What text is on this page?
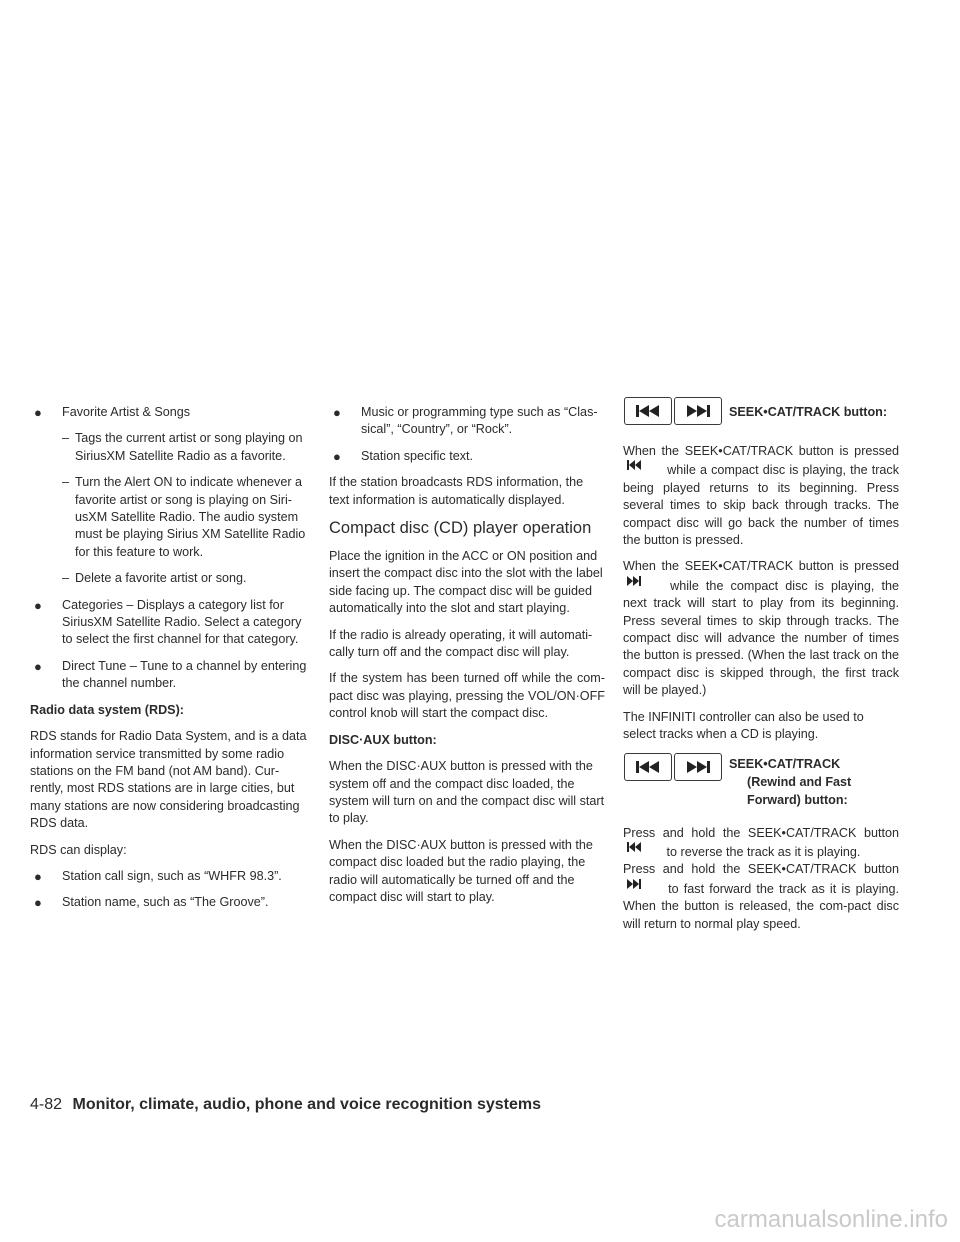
● Favorite Artist & Songs
– Tags the current artist or song playing on SiriusXM Satellite Radio as a favorite.
– Turn the Alert ON to indicate whenever a favorite artist or song is playing on Siri-usXM Satellite Radio. The audio system must be playing Sirius XM Satellite Radio for this feature to work.
– Delete a favorite artist or song.
● Categories – Displays a category list for SiriusXM Satellite Radio. Select a category to select the first channel for that category.
● Direct Tune – Tune to a channel by entering the channel number.
Radio data system (RDS):

RDS stands for Radio Data System, and is a data information service transmitted by some radio stations on the FM band (not AM band). Cur-rently, most RDS stations are in large cities, but many stations are now considering broadcasting RDS data.

RDS can display:

● Station call sign, such as “WHFR 98.3”.
● Station name, such as “The Groove”.
● Music or programming type such as “Clas-sical”, “Country”, or “Rock”.
● Station specific text.

If the station broadcasts RDS information, the text information is automatically displayed.

Compact disc (CD) player operation

Place the ignition in the ACC or ON position and insert the compact disc into the slot with the label side facing up. The compact disc will be guided automatically into the slot and start playing.

If the radio is already operating, it will automati-cally turn off and the compact disc will play.

If the system has been turned off while the com-pact disc was playing, pressing the VOL/ON·OFF control knob will start the compact disc.

DISC·AUX button:

When the DISC·AUX button is pressed with the system off and the compact disc loaded, the system will turn on and the compact disc will start to play.

When the DISC·AUX button is pressed with the compact disc loaded but the radio playing, the radio will automatically be turned off and the compact disc will start to play.

SEEK•CAT/TRACK button:

When the SEEK•CAT/TRACK button is pressed  while a compact disc is playing, the track being played returns to its beginning. Press several times to skip back through tracks. The compact disc will go back the number of times the button is pressed.

When the SEEK•CAT/TRACK button is pressed  while the compact disc is playing, the next track will start to play from its beginning. Press several times to skip through tracks. The compact disc will advance the number of times the button is pressed. (When the last track on the compact disc is skipped through, the first track will be played.)

The INFINITI controller can also be used to select tracks when a CD is playing.

SEEK•CAT/TRACK
(Rewind and Fast
Forward) button:

Press and hold the SEEK•CAT/TRACK button  to reverse the track as it is playing.

Press and hold the SEEK•CAT/TRACK button  to fast forward the track as it is playing. When the button is released, the com-pact disc will return to normal play speed.

4-82 Monitor, climate, audio, phone and voice recognition systems
carmanualsonline.info
